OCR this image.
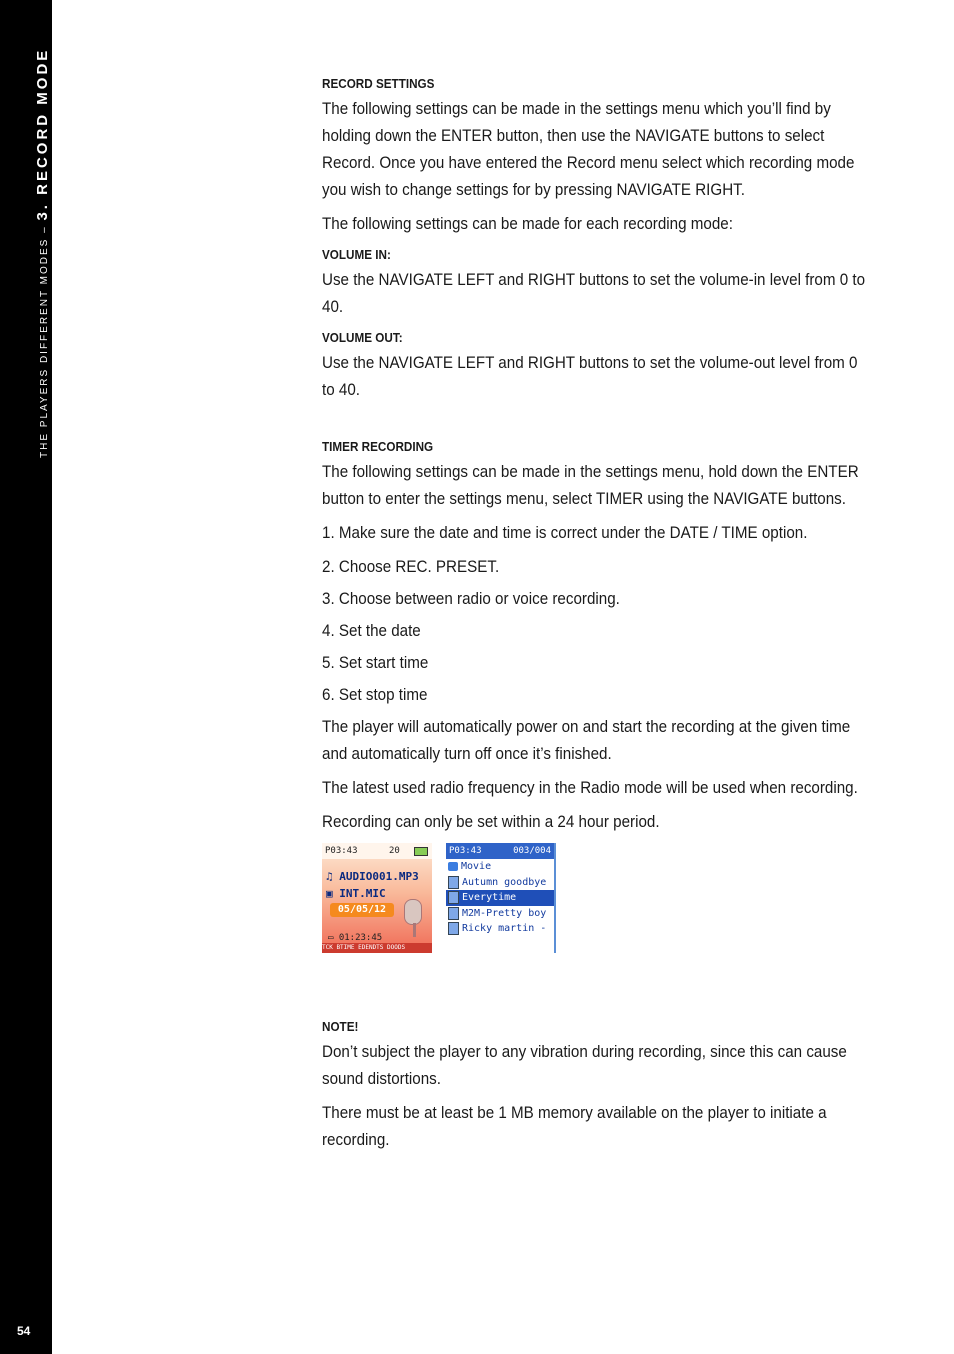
THE PLAYERS DIFFERENT MODES – 3. RECORD MODE
54
RECORD SETTINGS

The following settings can be made in the settings menu which you’ll find by holding down the ENTER button, then use the NAVIGATE buttons to select Record. Once you have entered the Record menu select which recording mode you wish to change settings for by pressing NAVIGATE RIGHT.

The following settings can be made for each recording mode:

VOLUME IN:

Use the NAVIGATE LEFT and RIGHT buttons to set the volume-in level from 0 to 40.

VOLUME OUT:

Use the NAVIGATE LEFT and RIGHT buttons to set the volume-out level from 0 to 40.

TIMER RECORDING

The following settings can be made in the settings menu, hold down the ENTER button to enter the settings menu, select TIMER using the NAVIGATE buttons.

1. Make sure the date and time is correct under the DATE / TIME option.

2. Choose REC. PRESET.

3. Choose between radio or voice recording.

4. Set the date

5. Set start time

6. Set stop time

The player will automatically power on and start the recording at the given time and automatically turn off once it’s finished.

The latest used radio frequency in the Radio mode will be used when recording.

Recording can only be set within a 24 hour period.

P03:43	20
♫ AUDIO001.MP3
▣ INT.MIC
05/05/12
▭ 01:23:45
TCK BTIME EDENDTS DOODS
P03:43	003/004
Movie
Autumn goodbye
Everytime
M2M-Pretty boy
Ricky martin -
NOTE!

Don’t subject the player to any vibration during recording, since this can cause sound distortions.

There must be at least be 1 MB memory available on the player to initiate a recording.
